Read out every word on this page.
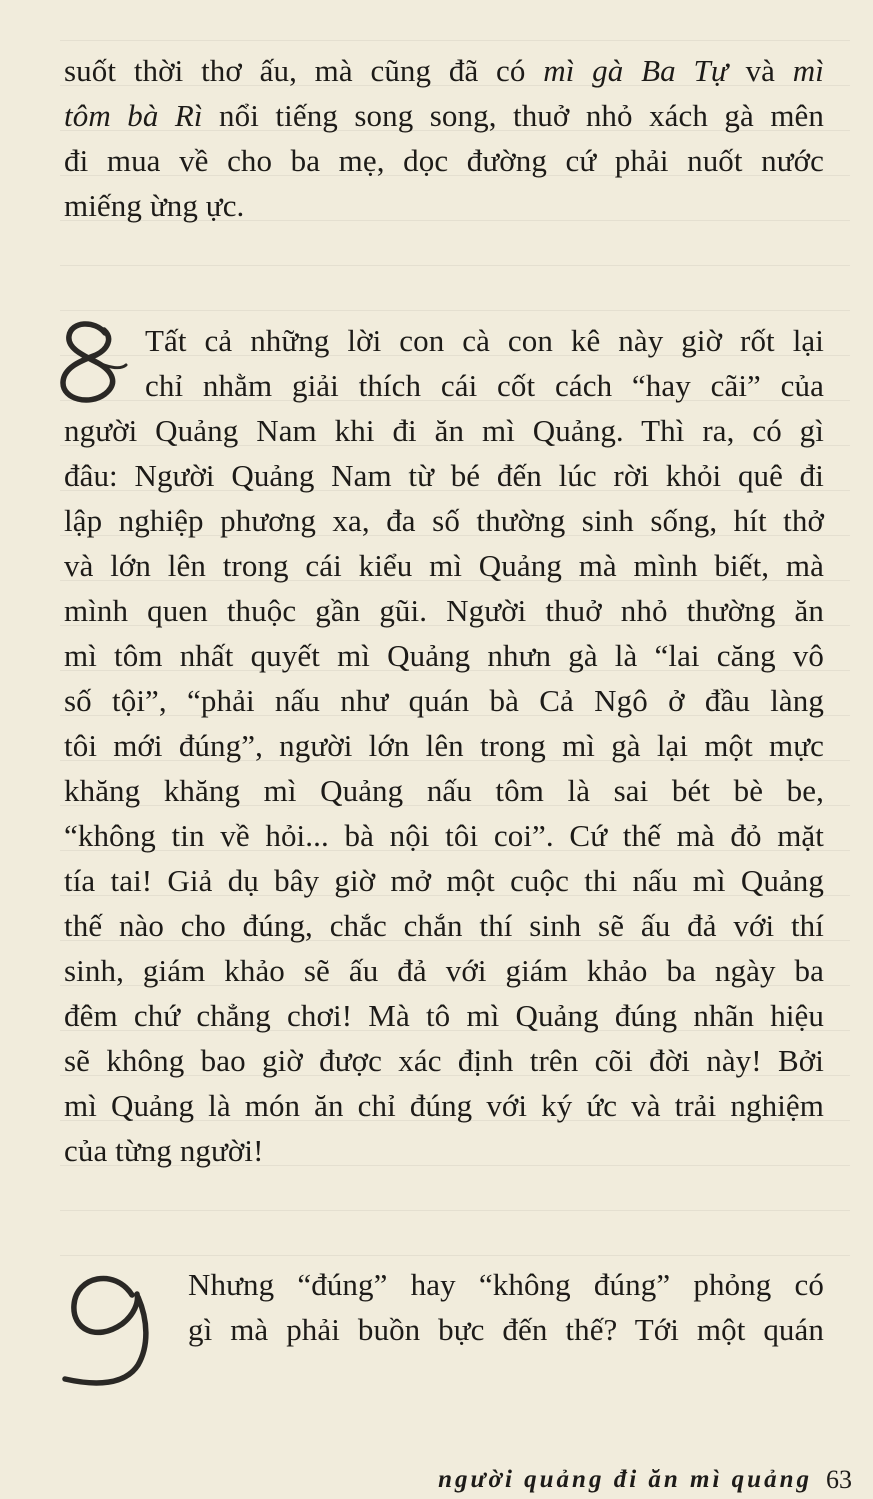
suốt thời thơ ấu, mà cũng đã có mì gà Ba Tự và mì
tôm bà Rì nổi tiếng song song, thuở nhỏ xách gà mên
đi mua về cho ba mẹ, dọc đường cứ phải nuốt nước
miếng ừng ực.
Tất cả những lời con cà con kê này giờ rốt lại
chỉ nhằm giải thích cái cốt cách “hay cãi” của
người Quảng Nam khi đi ăn mì Quảng. Thì ra, có gì
đâu: Người Quảng Nam từ bé đến lúc rời khỏi quê đi
lập nghiệp phương xa, đa số thường sinh sống, hít thở
và lớn lên trong cái kiểu mì Quảng mà mình biết, mà
mình quen thuộc gần gũi. Người thuở nhỏ thường ăn
mì tôm nhất quyết mì Quảng nhưn gà là “lai căng vô
số tội”, “phải nấu như quán bà Cả Ngô ở đầu làng
tôi mới đúng”, người lớn lên trong mì gà lại một mực
khăng khăng mì Quảng nấu tôm là sai bét bè be,
“không tin về hỏi... bà nội tôi coi”. Cứ thế mà đỏ mặt
tía tai! Giả dụ bây giờ mở một cuộc thi nấu mì Quảng
thế nào cho đúng, chắc chắn thí sinh sẽ ấu đả với thí
sinh, giám khảo sẽ ấu đả với giám khảo ba ngày ba
đêm chứ chẳng chơi! Mà tô mì Quảng đúng nhãn hiệu
sẽ không bao giờ được xác định trên cõi đời này! Bởi
mì Quảng là món ăn chỉ đúng với ký ức và trải nghiệm
của từng người!
Nhưng “đúng” hay “không đúng” phỏng có
gì mà phải buồn bực đến thế? Tới một quán
người quảng đi ăn mì quảng 63
